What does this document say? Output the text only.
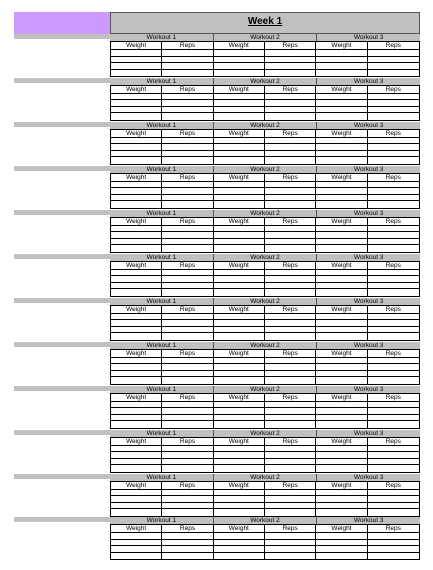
Week 1
Workout 1	Workout 2	Workout 3
Weight	Reps	Weight	Reps	Weight	Reps
Workout 1	Workout 2	Workout 3
Weight	Reps	Weight	Reps	Weight	Reps
Workout 1	Workout 2	Workout 3
Weight	Reps	Weight	Reps	Weight	Reps
Workout 1	Workout 2	Workout 3
Weight	Reps	Weight	Reps	Weight	Reps
Workout 1	Workout 2	Workout 3
Weight	Reps	Weight	Reps	Weight	Reps
Workout 1	Workout 2	Workout 3
Weight	Reps	Weight	Reps	Weight	Reps
Workout 1	Workout 2	Workout 3
Weight	Reps	Weight	Reps	Weight	Reps
Workout 1	Workout 2	Workout 3
Weight	Reps	Weight	Reps	Weight	Reps
Workout 1	Workout 2	Workout 3
Weight	Reps	Weight	Reps	Weight	Reps
Workout 1	Workout 2	Workout 3
Weight	Reps	Weight	Reps	Weight	Reps
Workout 1	Workout 2	Workout 3
Weight	Reps	Weight	Reps	Weight	Reps
Workout 1	Workout 2	Workout 3
Weight	Reps	Weight	Reps	Weight	Reps
